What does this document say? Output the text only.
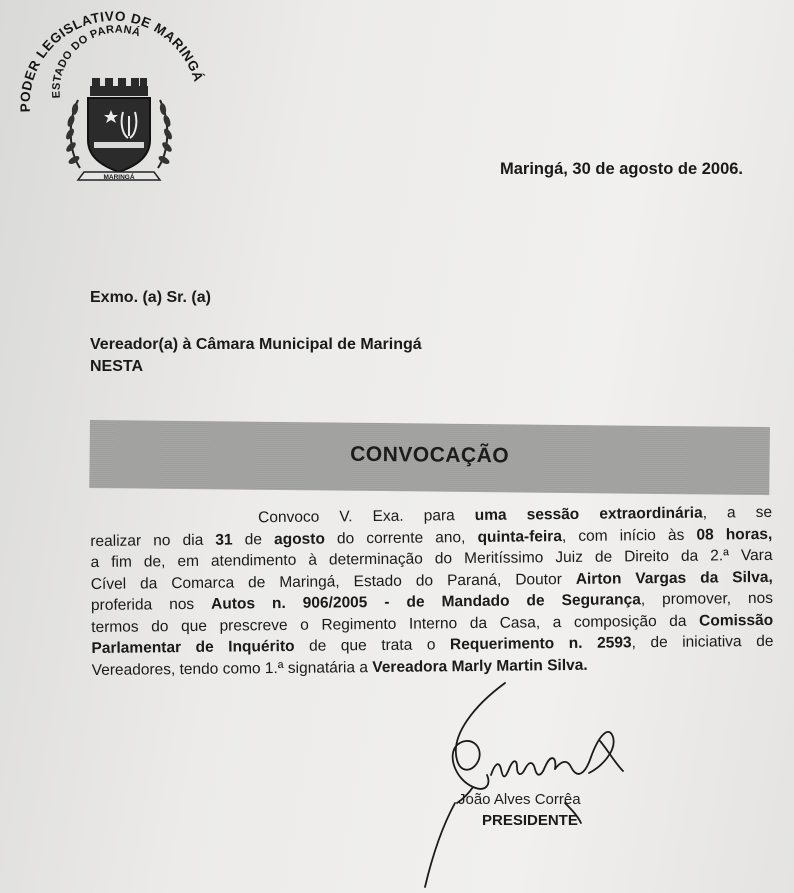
PODER LEGISLATIVO DE MARINGÁ
ESTADO DO PARANÁ
MARINGÁ	Maringá, 30 de agosto de 2006.
Exmo. (a) Sr. (a)
Vereador(a) à Câmara Municipal de Maringá
NESTA
CONVOCAÇÃO
Convoco V. Exa. para uma sessão extraordinária, a se
realizar no dia 31 de agosto do corrente ano, quinta-feira, com início às 08 horas,
a fim de, em atendimento à determinação do Meritíssimo Juiz de Direito da 2.ª Vara
Cível da Comarca de Maringá, Estado do Paraná, Doutor Airton Vargas da Silva,
proferida nos Autos n. 906/2005 - de Mandado de Segurança, promover, nos
termos do que prescreve o Regimento Interno da Casa, a composição da Comissão
Parlamentar de Inquérito de que trata o Requerimento n. 2593, de iniciativa de
Vereadores, tendo como 1.ª signatária a Vereadora Marly Martin Silva.
João Alves Corrêa
PRESIDENTE
